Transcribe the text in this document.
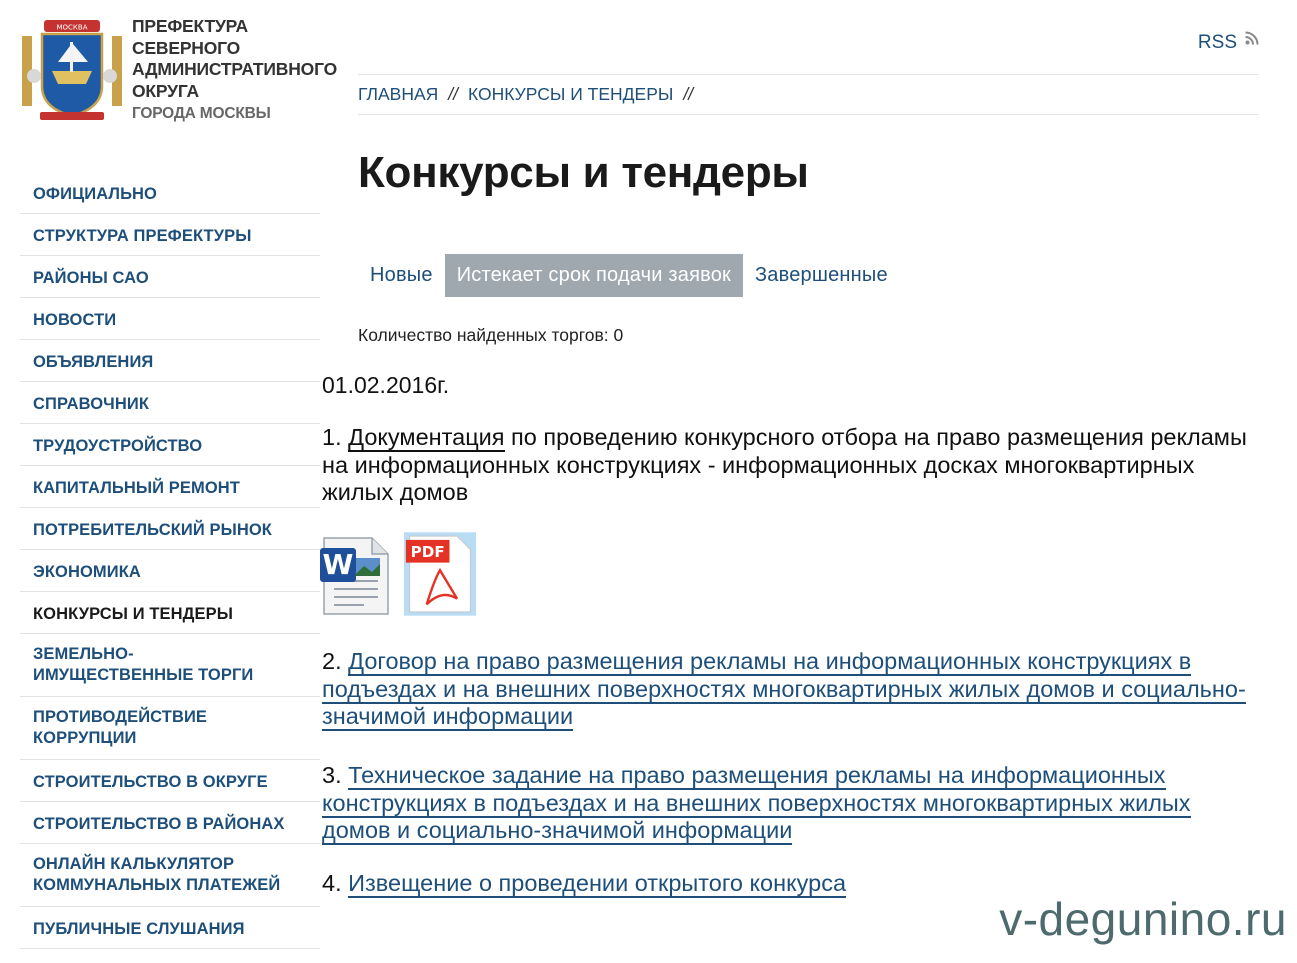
МОСКВА	ПРЕФЕКТУРА
СЕВЕРНОГО
АДМИНИСТРАТИВНОГО
ОКРУГА
ГОРОДА МОСКВЫ
RSS
ГЛАВНАЯ // КОНКУРСЫ И ТЕНДЕРЫ //
Конкурсы и тендеры
ОФИЦИАЛЬНО
СТРУКТУРА ПРЕФЕКТУРЫ
РАЙОНЫ САО
НОВОСТИ
ОБЪЯВЛЕНИЯ
СПРАВОЧНИК
ТРУДОУСТРОЙСТВО
КАПИТАЛЬНЫЙ РЕМОНТ
ПОТРЕБИТЕЛЬСКИЙ РЫНОК
ЭКОНОМИКА
КОНКУРСЫ И ТЕНДЕРЫ
ЗЕМЕЛЬНО-
ИМУЩЕСТВЕННЫЕ ТОРГИ
ПРОТИВОДЕЙСТВИЕ
КОРРУПЦИИ
СТРОИТЕЛЬСТВО В ОКРУГЕ
СТРОИТЕЛЬСТВО В РАЙОНАХ
ОНЛАЙН КАЛЬКУЛЯТОР
КОММУНАЛЬНЫХ ПЛАТЕЖЕЙ
ПУБЛИЧНЫЕ СЛУШАНИЯ
Новые	Истекает срок подачи заявок	Завершенные
Количество найденных торгов: 0
01.02.2016г.
1. Документация по проведению конкурсного отбора на право размещения рекламы на информационных конструкциях - информационных досках многоквартирных жилых домов
W	PDF
2. Договор на право размещения рекламы на информационных конструкциях в подъездах и на внешних поверхностях многоквартирных жилых домов и социально-значимой информации
3. Техническое задание на право размещения рекламы на информационных конструкциях в подъездах и на внешних поверхностях многоквартирных жилых домов и социально-значимой информации
4. Извещение о проведении открытого конкурса
v-degunino.ru
